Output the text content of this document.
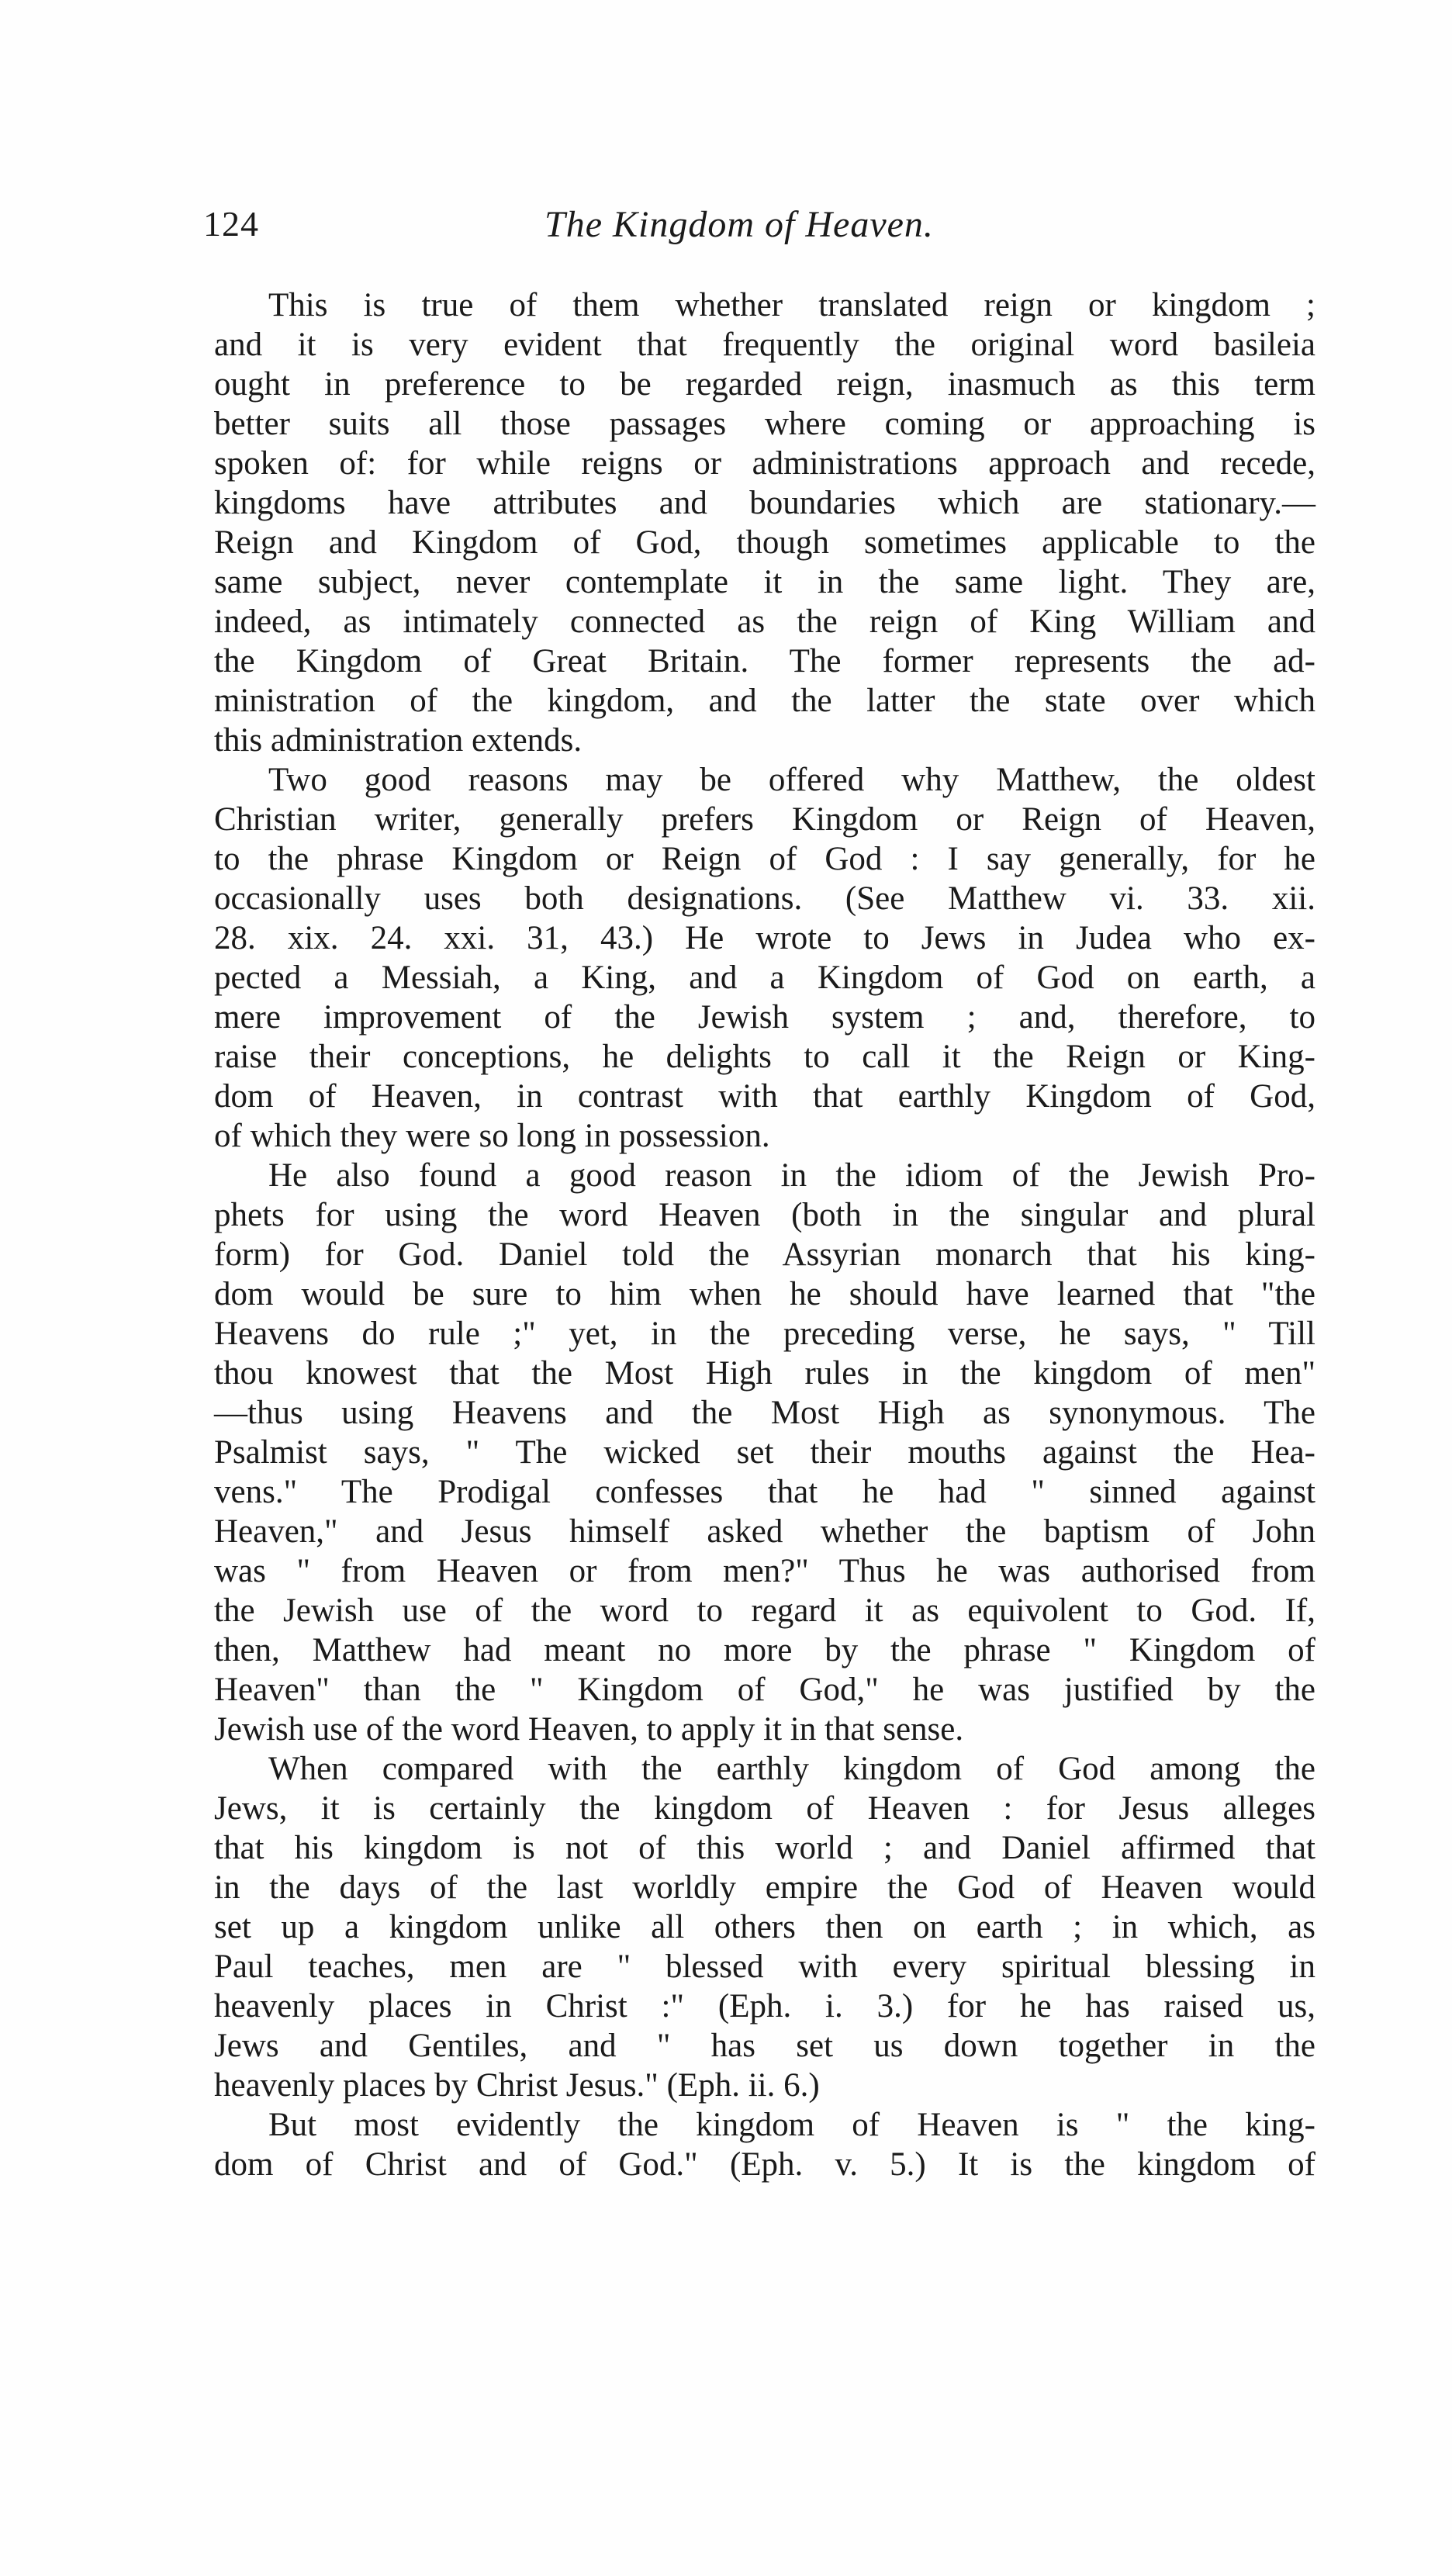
124	The Kingdom of Heaven.
This is true of them whether translated reign or kingdom ;
and it is very evident that frequently the original word basileia
ought in preference to be regarded reign, inasmuch as this term
better suits all those passages where coming or approaching is
spoken of: for while reigns or administrations approach and recede,
kingdoms have attributes and boundaries which are stationary.—
Reign and Kingdom of God, though sometimes applicable to the
same subject, never contemplate it in the same light. They are,
indeed, as intimately connected as the reign of King William and
the Kingdom of Great Britain. The former represents the ad-
ministration of the kingdom, and the latter the state over which
this administration extends.
Two good reasons may be offered why Matthew, the oldest
Christian writer, generally prefers Kingdom or Reign of Heaven,
to the phrase Kingdom or Reign of God : I say generally, for he
occasionally uses both designations. (See Matthew vi. 33. xii.
28. xix. 24. xxi. 31, 43.) He wrote to Jews in Judea who ex-
pected a Messiah, a King, and a Kingdom of God on earth, a
mere improvement of the Jewish system ; and, therefore, to
raise their conceptions, he delights to call it the Reign or King-
dom of Heaven, in contrast with that earthly Kingdom of God,
of which they were so long in possession.
He also found a good reason in the idiom of the Jewish Pro-
phets for using the word Heaven (both in the singular and plural
form) for God. Daniel told the Assyrian monarch that his king-
dom would be sure to him when he should have learned that "the
Heavens do rule ;" yet, in the preceding verse, he says, " Till
thou knowest that the Most High rules in the kingdom of men"
—thus using Heavens and the Most High as synonymous. The
Psalmist says, " The wicked set their mouths against the Hea-
vens." The Prodigal confesses that he had " sinned against
Heaven," and Jesus himself asked whether the baptism of John
was " from Heaven or from men?" Thus he was authorised from
the Jewish use of the word to regard it as equivolent to God. If,
then, Matthew had meant no more by the phrase " Kingdom of
Heaven" than the " Kingdom of God," he was justified by the
Jewish use of the word Heaven, to apply it in that sense.
When compared with the earthly kingdom of God among the
Jews, it is certainly the kingdom of Heaven : for Jesus alleges
that his kingdom is not of this world ; and Daniel affirmed that
in the days of the last worldly empire the God of Heaven would
set up a kingdom unlike all others then on earth ; in which, as
Paul teaches, men are " blessed with every spiritual blessing in
heavenly places in Christ :" (Eph. i. 3.) for he has raised us,
Jews and Gentiles, and " has set us down together in the
heavenly places by Christ Jesus." (Eph. ii. 6.)
But most evidently the kingdom of Heaven is " the king-
dom of Christ and of God." (Eph. v. 5.) It is the kingdom of
